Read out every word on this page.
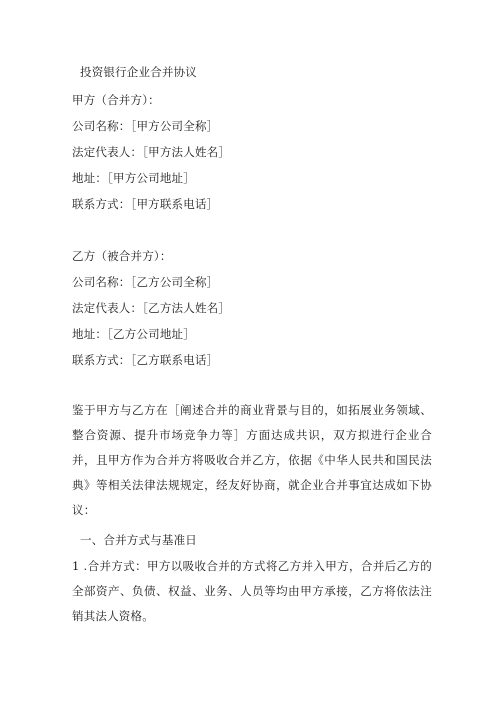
投资银行企业合并协议
甲方（合并方）：
公司名称：［甲方公司全称］
法定代表人：［甲方法人姓名］
地址：［甲方公司地址］
联系方式：［甲方联系电话］
乙方（被合并方）：
公司名称：［乙方公司全称］
法定代表人：［乙方法人姓名］
地址：［乙方公司地址］
联系方式：［乙方联系电话］
鉴于甲方与乙方在［阐述合并的商业背景与目的，如拓展业务领域、整合资源、提升市场竞争力等］方面达成共识，双方拟进行企业合并，且甲方作为合并方将吸收合并乙方，依据《中华人民共和国民法典》等相关法律法规规定，经友好协商，就企业合并事宜达成如下协议：
一、合并方式与基准日
1 .合并方式：甲方以吸收合并的方式将乙方并入甲方，合并后乙方的全部资产、负债、权益、业务、人员等均由甲方承接，乙方将依法注销其法人资格。
